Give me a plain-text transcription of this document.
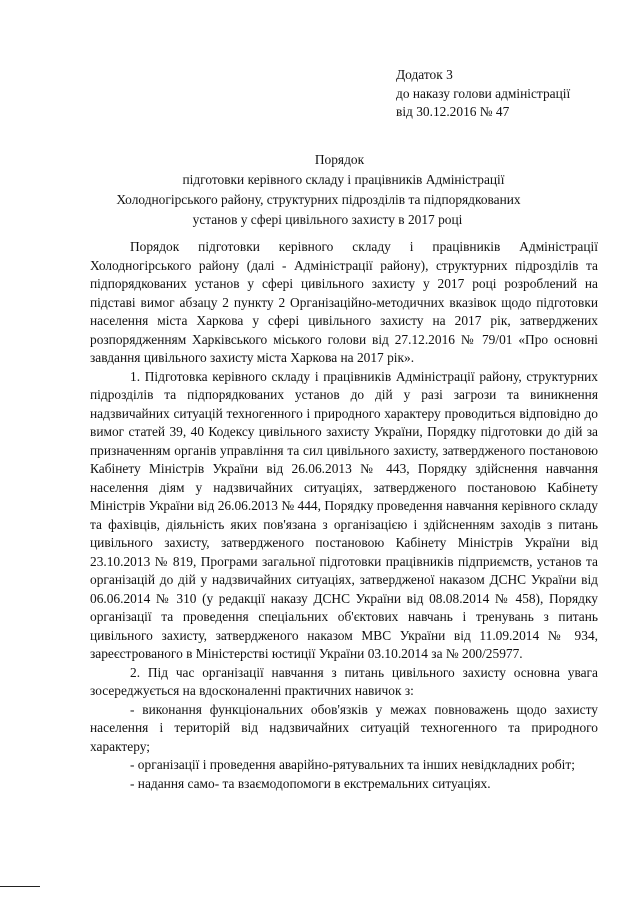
Додаток 3
до наказу голови адміністрації
від 30.12.2016 № 47
Порядок
підготовки керівного складу і працівників Адміністрації
Холодногірського району, структурних підрозділів та підпорядкованих
установ у сфері цивільного захисту в 2017 році

Порядок підготовки керівного складу і працівників Адміністрації Холодногірського району (далі - Адміністрації району), структурних підрозділів та підпорядкованих установ у сфері цивільного захисту у 2017 році розроблений на підставі вимог абзацу 2 пункту 2 Організаційно-методичних вказівок щодо підготовки населення міста Харкова у сфері цивільного захисту на 2017 рік, затверджених розпорядженням Харківського міського голови від 27.12.2016 № 79/01 «Про основні завдання цивільного захисту міста Харкова на 2017 рік».

1. Підготовка керівного складу і працівників Адміністрації району, структурних підрозділів та підпорядкованих установ до дій у разі загрози та виникнення надзвичайних ситуацій техногенного і природного характеру проводиться відповідно до вимог статей 39, 40 Кодексу цивільного захисту України, Порядку підготовки до дій за призначенням органів управління та сил цивільного захисту, затвердженого постановою Кабінету Міністрів України від 26.06.2013 № 443, Порядку здійснення навчання населення діям у надзвичайних ситуаціях, затвердженого постановою Кабінету Міністрів України від 26.06.2013 № 444, Порядку проведення навчання керівного складу та фахівців, діяльність яких пов'язана з організацією і здійсненням заходів з питань цивільного захисту, затвердженого постановою Кабінету Міністрів України від 23.10.2013 № 819, Програми загальної підготовки працівників підприємств, установ та організацій до дій у надзвичайних ситуаціях, затвердженої наказом ДСНС України від 06.06.2014 № 310 (у редакції наказу ДСНС України від 08.08.2014 № 458), Порядку організації та проведення спеціальних об'єктових навчань і тренувань з питань цивільного захисту, затвердженого наказом МВС України від 11.09.2014 № 934, зареєстрованого в Міністерстві юстиції України 03.10.2014 за № 200/25977.

2. Під час організації навчання з питань цивільного захисту основна увага зосереджується на вдосконаленні практичних навичок з:

- виконання функціональних обов'язків у межах повноважень щодо захисту населення і територій від надзвичайних ситуацій техногенного та природного характеру;

- організації і проведення аварійно-рятувальних та інших невідкладних робіт;

- надання само- та взаємодопомоги в екстремальних ситуаціях.
